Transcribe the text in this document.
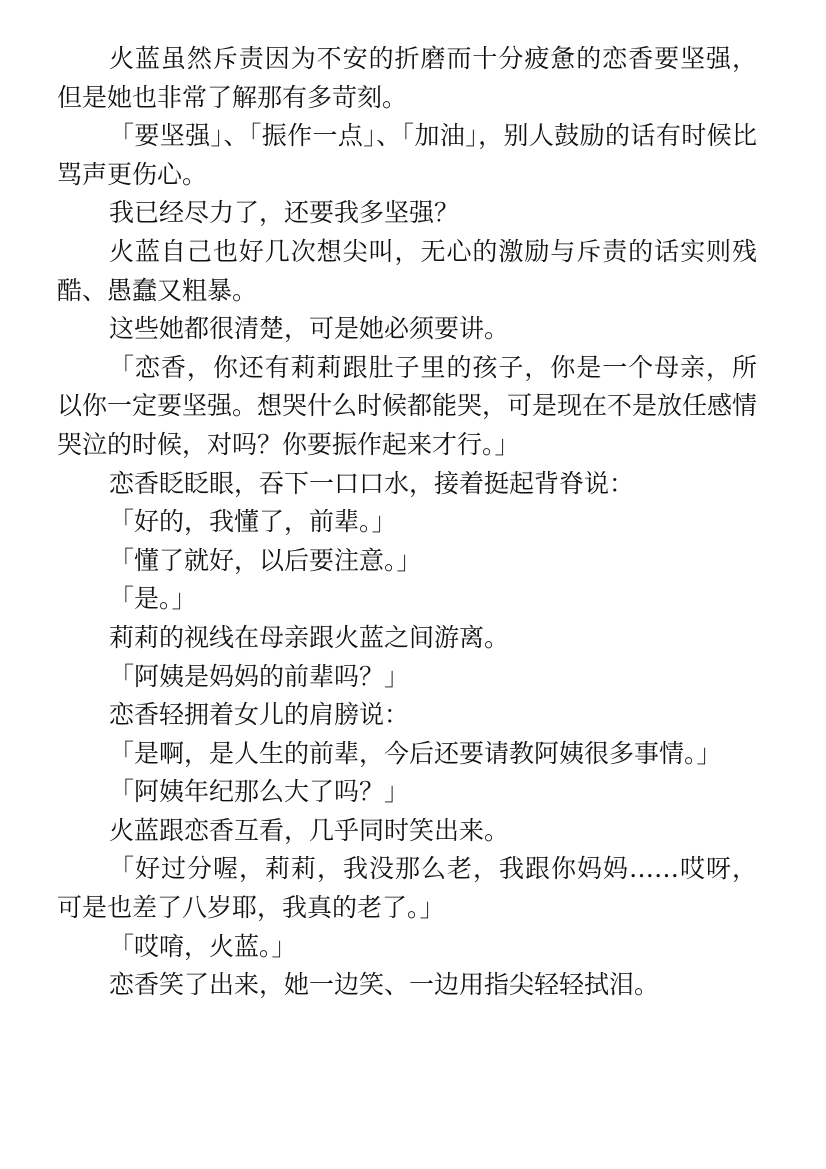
火蓝虽然斥责因为不安的折磨而十分疲惫的恋香要坚强，但是她也非常了解那有多苛刻。

「要坚强」、「振作一点」、「加油」，别人鼓励的话有时候比骂声更伤心。

我已经尽力了，还要我多坚强？

火蓝自己也好几次想尖叫，无心的激励与斥责的话实则残酷、愚蠢又粗暴。

这些她都很清楚，可是她必须要讲。

「恋香，你还有莉莉跟肚子里的孩子，你是一个母亲，所以你一定要坚强。想哭什么时候都能哭，可是现在不是放任感情哭泣的时候，对吗？你要振作起来才行。」

恋香眨眨眼，吞下一口口水，接着挺起背脊说：

「好的，我懂了，前辈。」

「懂了就好，以后要注意。」

「是。」

莉莉的视线在母亲跟火蓝之间游离。

「阿姨是妈妈的前辈吗？」

恋香轻拥着女儿的肩膀说：

「是啊，是人生的前辈，今后还要请教阿姨很多事情。」

「阿姨年纪那么大了吗？」

火蓝跟恋香互看，几乎同时笑出来。

「好过分喔，莉莉，我没那么老，我跟你妈妈……哎呀，可是也差了八岁耶，我真的老了。」

「哎唷，火蓝。」

恋香笑了出来，她一边笑、一边用指尖轻轻拭泪。
